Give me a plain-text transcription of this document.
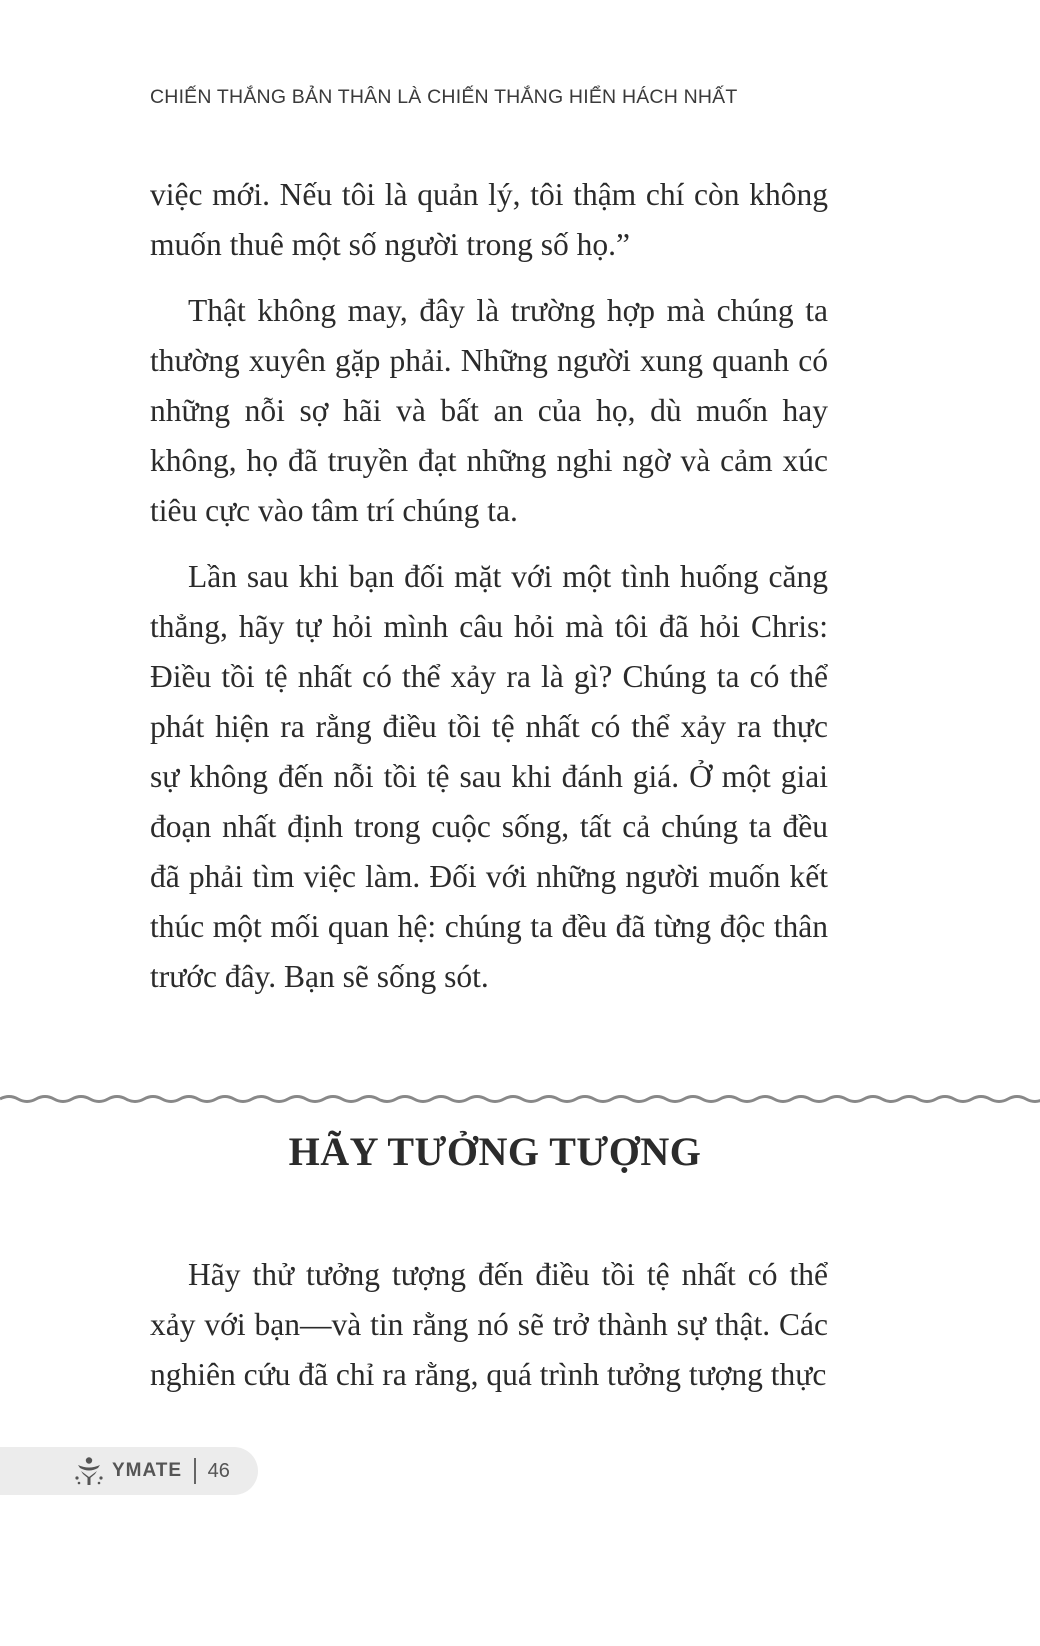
CHIẾN THẮNG BẢN THÂN LÀ CHIẾN THẮNG HIỂN HÁCH NHẤT

việc mới. Nếu tôi là quản lý, tôi thậm chí còn không muốn thuê một số người trong số họ.”

Thật không may, đây là trường hợp mà chúng ta thường xuyên gặp phải. Những người xung quanh có những nỗi sợ hãi và bất an của họ, dù muốn hay không, họ đã truyền đạt những nghi ngờ và cảm xúc tiêu cực vào tâm trí chúng ta.

Lần sau khi bạn đối mặt với một tình huống căng thẳng, hãy tự hỏi mình câu hỏi mà tôi đã hỏi Chris: Điều tồi tệ nhất có thể xảy ra là gì? Chúng ta có thể phát hiện ra rằng điều tồi tệ nhất có thể xảy ra thực sự không đến nỗi tồi tệ sau khi đánh giá. Ở một giai đoạn nhất định trong cuộc sống, tất cả chúng ta đều đã phải tìm việc làm. Đối với những người muốn kết thúc một mối quan hệ: chúng ta đều đã từng độc thân trước đây. Bạn sẽ sống sót.

HÃY TƯỞNG TƯỢNG

Hãy thử tưởng tượng đến điều tồi tệ nhất có thể xảy với bạn—và tin rằng nó sẽ trở thành sự thật. Các nghiên cứu đã chỉ ra rằng, quá trình tưởng tượng thực

YMATE 46
